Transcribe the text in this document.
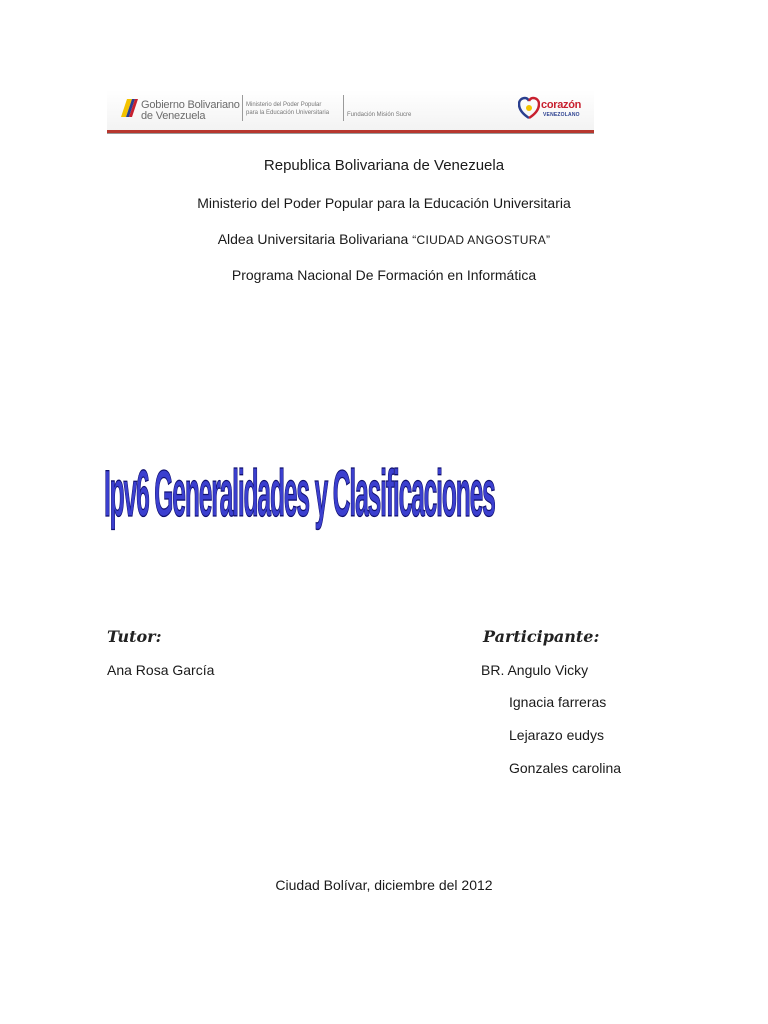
Gobierno Bolivariano
de Venezuela
Ministerio del Poder Popular
para la Educación Universitaria	Fundación Misión Sucre
corazón
VENEZOLANO
Republica Bolivariana de Venezuela
Ministerio del Poder Popular para la Educación Universitaria
Aldea Universitaria Bolivariana “CIUDAD ANGOSTURA”
Programa Nacional De Formación en Informática
Ipv6 Generalidades y Clasificaciones
Tutor:
Ana Rosa García
Participante:
BR. Angulo Vicky
Ignacia farreras
Lejarazo eudys
Gonzales carolina
Ciudad Bolívar, diciembre del 2012
